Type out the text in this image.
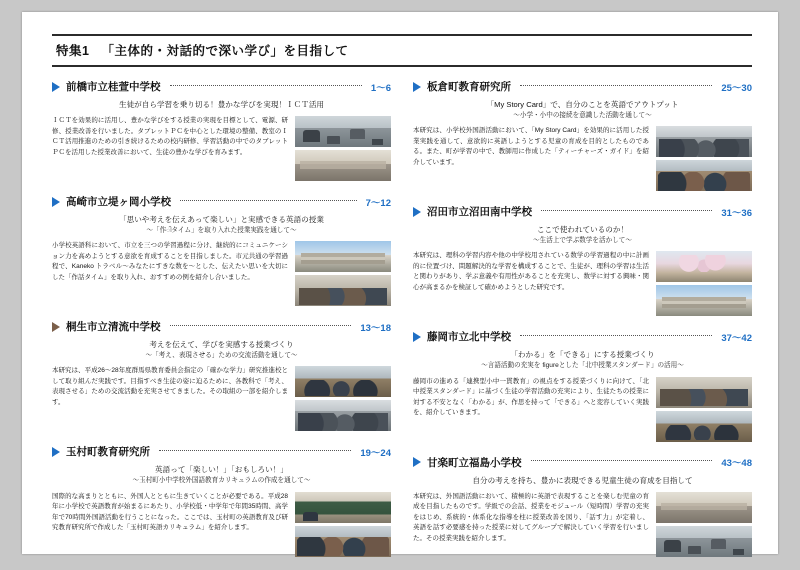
特集1 「主体的・対話的で深い学び」を目指して
前橋市立桂萱中学校	1〜6
生徒が自ら学習を乗り切る！豊かな学びを実現！ＩＣＴ活用
ＩＣＴを効果的に活用し、豊かな学びをする授業の実現を目標として、電源、研修、授業改善を行いました。タブレットＰＣを中心とした環境の整備、教室のＩＣＴ活用推進のための引き続けるための校内研修、学習活動の中でのタブレットＰＣを活用した授業改善において、生徒の豊かな学びを育みます。
高崎市立堤ヶ岡小学校	7〜12
「思いや考えを伝えあって楽しい」と実感できる英語の授業
〜「作ါタイム」を取り入れた授業実践を通して〜
小学校英語科において、市立を三つの学習過程に分け、継続的にコミュニケーション力を高めようとする意欲を育成することを目指しました。市元共通の学習過程で、Kaneko トラベル〜みなたにすきな数を〜とした、伝えたい思いを大切にした「作話タイム」を取り入れ、おすすめの例を紹介し合いました。
桐生市立清流中学校	13〜18
考えを伝えて、学びを実感する授業づくり
〜「考え、表現させる」ための交流活動を通して〜
本研究は、平成26〜28年度群馬県教育委員会指定の「確かな学力」研究推進校として取り組んだ実践です。目指すべき生徒の姿に迫るために、各教科で「考え、表現させる」ための交流活動を充実させてきました。その取組の一部を紹介します。
玉村町教育研究所	19〜24
英語って「楽しい！」「おもしろい！」
〜玉村町小中学校外国語教育カリキュラムの作成を通して〜
国際的な高まりとともに、外国人とともに生きていくことが必要である。平成28年に小学校で英語教育が始まるにあたり、小学校低・中学年で年間35時間、高学年で70時間外国語活動を行うことになった。ここでは、玉村町の英語教育及び研究教育研究所で作成した「玉村町英語カリキュラム」を紹介します。
板倉町教育研究所	25〜30
「My Story Card」で、自分のことを英語でアウトプット
〜小学・小中の接続を意識した活動を通して〜
本研究は、小学校外国語活動において、「My Story Card」を効果的に活用した授業実践を通して、意欲的に英語しようとする児童の育成を目的としたものである。また、町が学習の中で、教師用に作成した「ティーチャーズ・ガイド」を紹介しています。
沼田市立沼田南中学校	31〜36
ここで使われているのか！
〜生活上で学ぶ数学を活かして〜
本研究は、理科の学習内容や他の中学校用されている数学の学習過程の中に計画的に位置づけ、問題解決的な学習を構成することで、生徒が、理科の学習は生活と関わりがあり、学ぶ意義や有用性があることを充実し、数学に対する興味・関心が高まるかを検証して確かめようとした研究です。
藤岡市立北中学校	37〜42
「わかる」を「できる」にする授業づくり
〜言語活動の充実を figureとした「北中授業スタンダード」の活用〜
藤岡市の進める「連携型小中一貫教育」の視点をする授業づくりに向けて、「北中授業スタンダード」に基づく生徒の学習活動の充実により、生徒たちの授業に対する不安となく「わかる」が、作思を持って「できる」へと変容していく実践を、紹介していきます。
甘楽町立福島小学校	43〜48
自分の考えを持ち、豊かに表現できる児童生徒の育成を目指して
本研究は、外国語活動において、積極的に英語で表現することを楽しむ児童の育成を目指したものです。学級での会話、授業をモジュール（短時間）学習の充実をはじめ、系統的・体系化な指導を柱に授業改善を図り、「話す力」が定着し、英語を話す必要感を持った授業に対してグループで解決していく学習を行いました。その授業実践を紹介します。
